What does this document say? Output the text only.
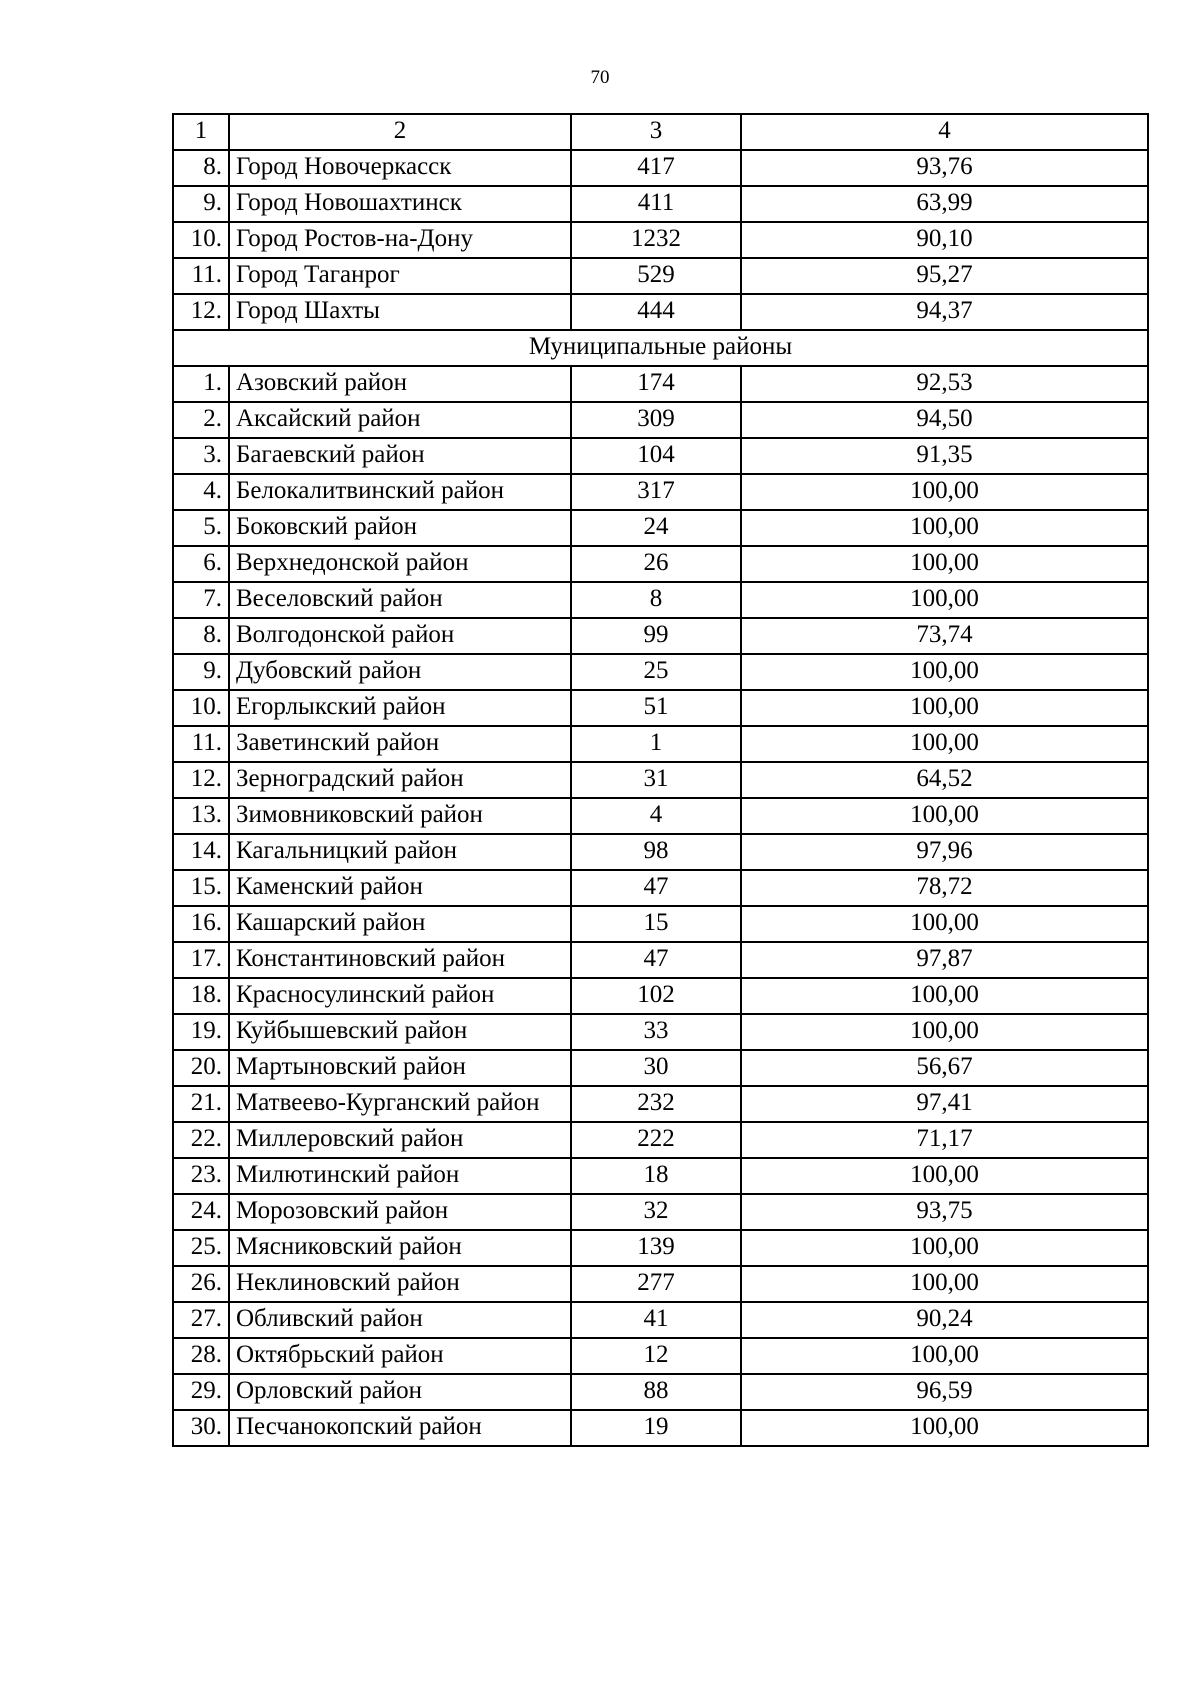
70
1	2	3	4
8.	Город Новочеркасск	417	93,76
9.	Город Новошахтинск	411	63,99
10.	Город Ростов-на-Дону	1232	90,10
11.	Город Таганрог	529	95,27
12.	Город Шахты	444	94,37
Муниципальные районы			
1.	Азовский район	174	92,53
2.	Аксайский район	309	94,50
3.	Багаевский район	104	91,35
4.	Белокалитвинский район	317	100,00
5.	Боковский район	24	100,00
6.	Верхнедонской район	26	100,00
7.	Веселовский район	8	100,00
8.	Волгодонской район	99	73,74
9.	Дубовский район	25	100,00
10.	Егорлыкский район	51	100,00
11.	Заветинский район	1	100,00
12.	Зерноградский район	31	64,52
13.	Зимовниковский район	4	100,00
14.	Кагальницкий район	98	97,96
15.	Каменский район	47	78,72
16.	Кашарский район	15	100,00
17.	Константиновский район	47	97,87
18.	Красносулинский район	102	100,00
19.	Куйбышевский район	33	100,00
20.	Мартыновский район	30	56,67
21.	Матвеево-Курганский район	232	97,41
22.	Миллеровский район	222	71,17
23.	Милютинский район	18	100,00
24.	Морозовский район	32	93,75
25.	Мясниковский район	139	100,00
26.	Неклиновский район	277	100,00
27.	Обливский район	41	90,24
28.	Октябрьский район	12	100,00
29.	Орловский район	88	96,59
30.	Песчанокопский район	19	100,00
